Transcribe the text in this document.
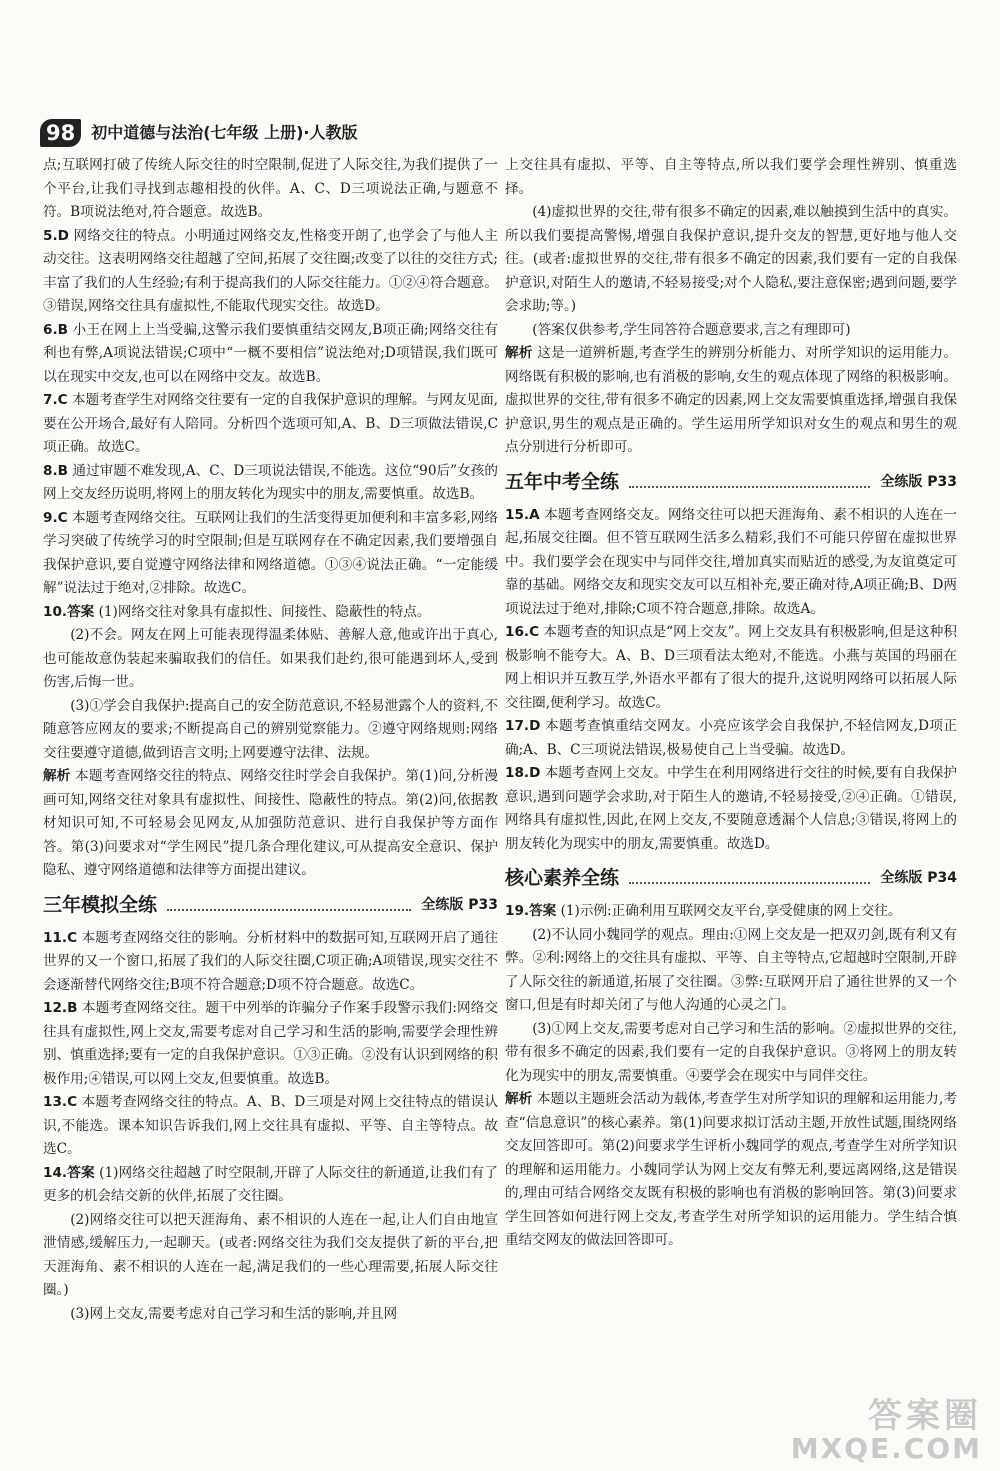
98	初中道德与法治(七年级 上册)·人教版

点;互联网打破了传统人际交往的时空限制,促进了人际交往,为我们提供了一个平台,让我们寻找到志趣相投的伙伴。A、C、D三项说法正确,与题意不符。B项说法绝对,符合题意。故选B。

5.D 网络交往的特点。小明通过网络交友,性格变开朗了,也学会了与他人主动交往。这表明网络交往超越了空间,拓展了交往圈;改变了以往的交往方式;丰富了我们的人生经验;有利于提高我们的人际交往能力。①②④符合题意。③错误,网络交往具有虚拟性,不能取代现实交往。故选D。

6.B 小王在网上上当受骗,这警示我们要慎重结交网友,B项正确;网络交往有利也有弊,A项说法错误;C项中“一概不要相信”说法绝对;D项错误,我们既可以在现实中交友,也可以在网络中交友。故选B。

7.C 本题考查学生对网络交往要有一定的自我保护意识的理解。与网友见面,要在公开场合,最好有人陪同。分析四个选项可知,A、B、D三项做法错误,C项正确。故选C。

8.B 通过审题不难发现,A、C、D三项说法错误,不能选。这位“90后”女孩的网上交友经历说明,将网上的朋友转化为现实中的朋友,需要慎重。故选B。

9.C 本题考查网络交往。互联网让我们的生活变得更加便利和丰富多彩,网络学习突破了传统学习的时空限制;但是互联网存在不确定因素,我们要增强自我保护意识,要自觉遵守网络法律和网络道德。①③④说法正确。“一定能缓解”说法过于绝对,②排除。故选C。

10.答案 (1)网络交往对象具有虚拟性、间接性、隐蔽性的特点。

(2)不会。网友在网上可能表现得温柔体贴、善解人意,他或许出于真心,也可能故意伪装起来骗取我们的信任。如果我们赴约,很可能遇到坏人,受到伤害,后悔一世。

(3)①学会自我保护:提高自己的安全防范意识,不轻易泄露个人的资料,不随意答应网友的要求;不断提高自己的辨别觉察能力。②遵守网络规则:网络交往要遵守道德,做到语言文明;上网要遵守法律、法规。

解析 本题考查网络交往的特点、网络交往时学会自我保护。第(1)问,分析漫画可知,网络交往对象具有虚拟性、间接性、隐蔽性的特点。第(2)问,依据教材知识可知,不可轻易会见网友,从加强防范意识、进行自我保护等方面作答。第(3)问要求对“学生网民”提几条合理化建议,可从提高安全意识、保护隐私、遵守网络道德和法律等方面提出建议。

三年模拟全练	全练版 P33

11.C 本题考查网络交往的影响。分析材料中的数据可知,互联网开启了通往世界的又一个窗口,拓展了我们的人际交往圈,C项正确;A项错误,现实交往不会逐渐替代网络交往;B项不符合题意;D项不符合题意。故选C。

12.B 本题考查网络交往。题干中列举的诈骗分子作案手段警示我们:网络交往具有虚拟性,网上交友,需要考虑对自己学习和生活的影响,需要学会理性辨别、慎重选择;要有一定的自我保护意识。①③正确。②没有认识到网络的积极作用;④错误,可以网上交友,但要慎重。故选B。

13.C 本题考查网络交往的特点。A、B、D三项是对网上交往特点的错误认识,不能选。课本知识告诉我们,网上交往具有虚拟、平等、自主等特点。故选C。

14.答案 (1)网络交往超越了时空限制,开辟了人际交往的新通道,让我们有了更多的机会结交新的伙伴,拓展了交往圈。

(2)网络交往可以把天涯海角、素不相识的人连在一起,让人们自由地宣泄情感,缓解压力,一起聊天。(或者:网络交往为我们交友提供了新的平台,把天涯海角、素不相识的人连在一起,满足我们的一些心理需要,拓展人际交往圈。)

(3)网上交友,需要考虑对自己学习和生活的影响,并且网

上交往具有虚拟、平等、自主等特点,所以我们要学会理性辨别、慎重选择。

(4)虚拟世界的交往,带有很多不确定的因素,难以触摸到生活中的真实。所以我们要提高警惕,增强自我保护意识,提升交友的智慧,更好地与他人交往。(或者:虚拟世界的交往,带有很多不确定的因素,我们要有一定的自我保护意识,对陌生人的邀请,不轻易接受;对个人隐私,要注意保密;遇到问题,要学会求助;等。)

(答案仅供参考,学生同答符合题意要求,言之有理即可)

解析 这是一道辨析题,考查学生的辨别分析能力、对所学知识的运用能力。网络既有积极的影响,也有消极的影响,女生的观点体现了网络的积极影响。虚拟世界的交往,带有很多不确定的因素,网上交友需要慎重选择,增强自我保护意识,男生的观点是正确的。学生运用所学知识对女生的观点和男生的观点分别进行分析即可。

五年中考全练	全练版 P33

15.A 本题考查网络交友。网络交往可以把天涯海角、素不相识的人连在一起,拓展交往圈。但不管互联网生活多么精彩,我们不可能只停留在虚拟世界中。我们要学会在现实中与同伴交往,增加真实而贴近的感受,为友谊奠定可靠的基础。网络交友和现实交友可以互相补充,要正确对待,A项正确;B、D两项说法过于绝对,排除;C项不符合题意,排除。故选A。

16.C 本题考查的知识点是“网上交友”。网上交友具有积极影响,但是这种积极影响不能夸大。A、B、D三项看法太绝对,不能选。小燕与英国的玛丽在网上相识并互教互学,外语水平都有了很大的提升,这说明网络可以拓展人际交往圈,便利学习。故选C。

17.D 本题考查慎重结交网友。小亮应该学会自我保护,不轻信网友,D项正确;A、B、C三项说法错误,极易使自己上当受骗。故选D。

18.D 本题考查网上交友。中学生在利用网络进行交往的时候,要有自我保护意识,遇到问题学会求助,对于陌生人的邀请,不轻易接受,②④正确。①错误,网络具有虚拟性,因此,在网上交友,不要随意透漏个人信息;③错误,将网上的朋友转化为现实中的朋友,需要慎重。故选D。

核心素养全练	全练版 P34

19.答案 (1)示例:正确利用互联网交友平台,享受健康的网上交往。

(2)不认同小魏同学的观点。理由:①网上交友是一把双刃剑,既有利又有弊。②利:网络上的交往具有虚拟、平等、自主等特点,它超越时空限制,开辟了人际交往的新通道,拓展了交往圈。③弊:互联网开启了通往世界的又一个窗口,但是有时却关闭了与他人沟通的心灵之门。

(3)①网上交友,需要考虑对自己学习和生活的影响。②虚拟世界的交往,带有很多不确定的因素,我们要有一定的自我保护意识。③将网上的朋友转化为现实中的朋友,需要慎重。④要学会在现实中与同伴交往。

解析 本题以主题班会活动为载体,考查学生对所学知识的理解和运用能力,考查“信息意识”的核心素养。第(1)问要求拟订活动主题,开放性试题,围绕网络交友回答即可。第(2)问要求学生评析小魏同学的观点,考查学生对所学知识的理解和运用能力。小魏同学认为网上交友有弊无利,要远离网络,这是错误的,理由可结合网络交友既有积极的影响也有消极的影响回答。第(3)问要求学生回答如何进行网上交友,考查学生对所学知识的运用能力。学生结合慎重结交网友的做法回答即可。

答案圈
MXQE.COM
